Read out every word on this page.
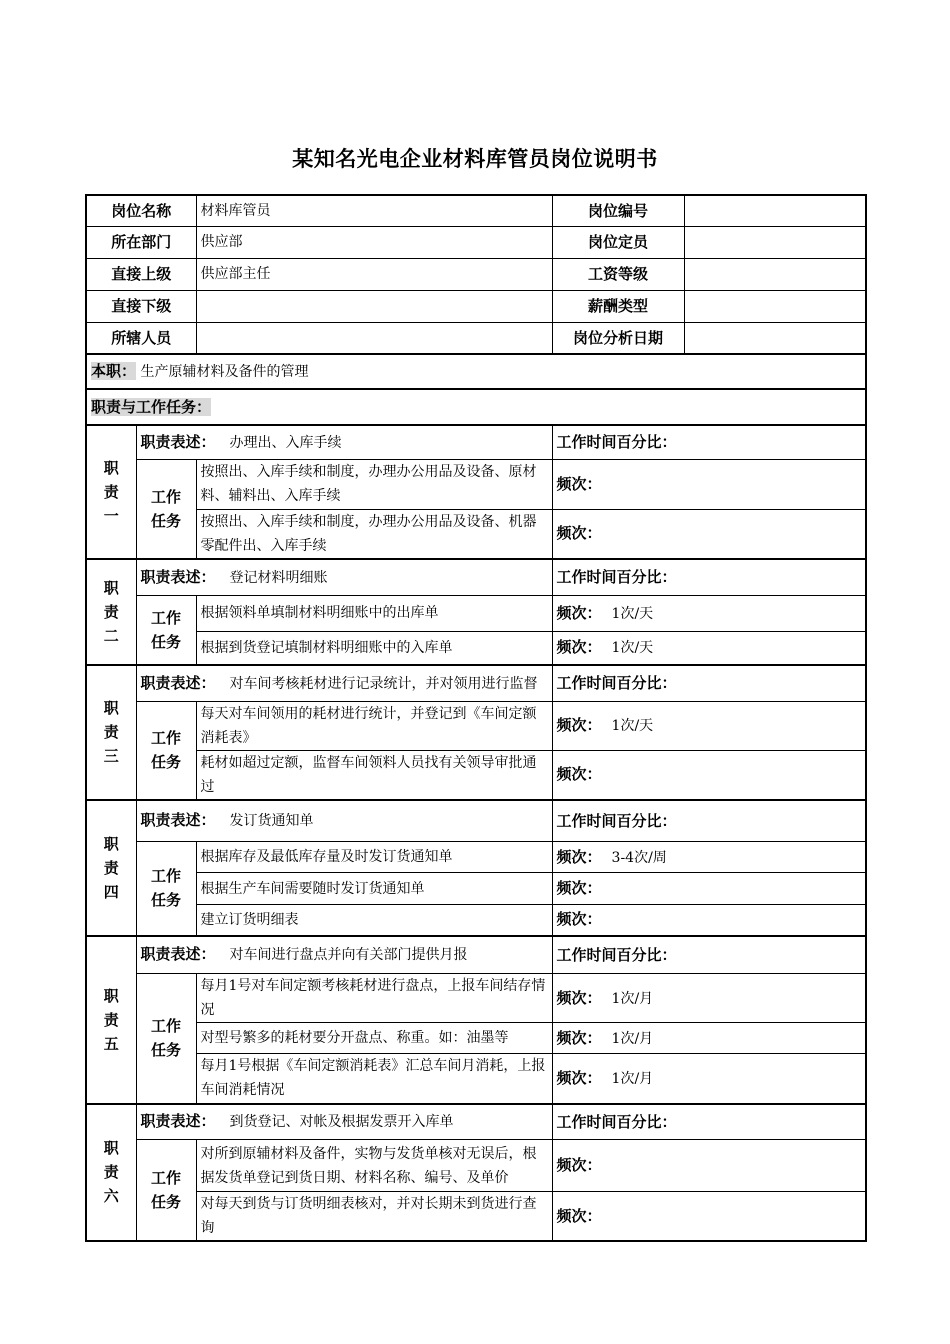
某知名光电企业材料库管员岗位说明书
岗位名称		材料库管员	岗位编号	
所在部门		供应部	岗位定员	
直接上级		供应部主任	工资等级	
直接下级			薪酬类型	
所辖人员			岗位分析日期	
本职： 生产原辅材料及备件的管理				
职责与工作任务：				

职
责
一	职责表述： 办理出、入库手续		工作时间百分比：	

	工作
任务	按照出、入库手续和制度，办理办公用品及设备、原材料、辅料出、入库手续	频次：	
		按照出、入库手续和制度，办理办公用品及设备、机器零配件出、入库手续	频次：	

职
责
二	职责表述： 登记材料明细账		工作时间百分比：	

	工作
任务	根据领料单填制材料明细账中的出库单	频次： 1次/天	
		根据到货登记填制材料明细账中的入库单	频次： 1次/天	

职
责
三	职责表述： 对车间考核耗材进行记录统计，并对领用进行监督		工作时间百分比：	

	工作
任务	每天对车间领用的耗材进行统计，并登记到《车间定额消耗表》	频次： 1次/天	
		耗材如超过定额，监督车间领料人员找有关领导审批通过	频次：	

职
责
四	职责表述： 发订货通知单		工作时间百分比：	

	工作
任务	根据库存及最低库存量及时发订货通知单	频次： 3-4次/周	
		根据生产车间需要随时发订货通知单	频次：	
		建立订货明细表	频次：	

职
责
五	职责表述： 对车间进行盘点并向有关部门提供月报		工作时间百分比：	

	工作
任务	每月1号对车间定额考核耗材进行盘点，上报车间结存情况	频次： 1次/月	
		对型号繁多的耗材要分开盘点、称重。如：油墨等	频次： 1次/月	
		每月1号根据《车间定额消耗表》汇总车间月消耗，上报车间消耗情况	频次： 1次/月	

职
责
六	职责表述： 到货登记、对帐及根据发票开入库单		工作时间百分比：	

	工作
任务	对所到原辅材料及备件，实物与发货单核对无误后，根据发货单登记到货日期、材料名称、编号、及单价	频次：	
		对每天到货与订货明细表核对，并对长期未到货进行查询	频次：	
